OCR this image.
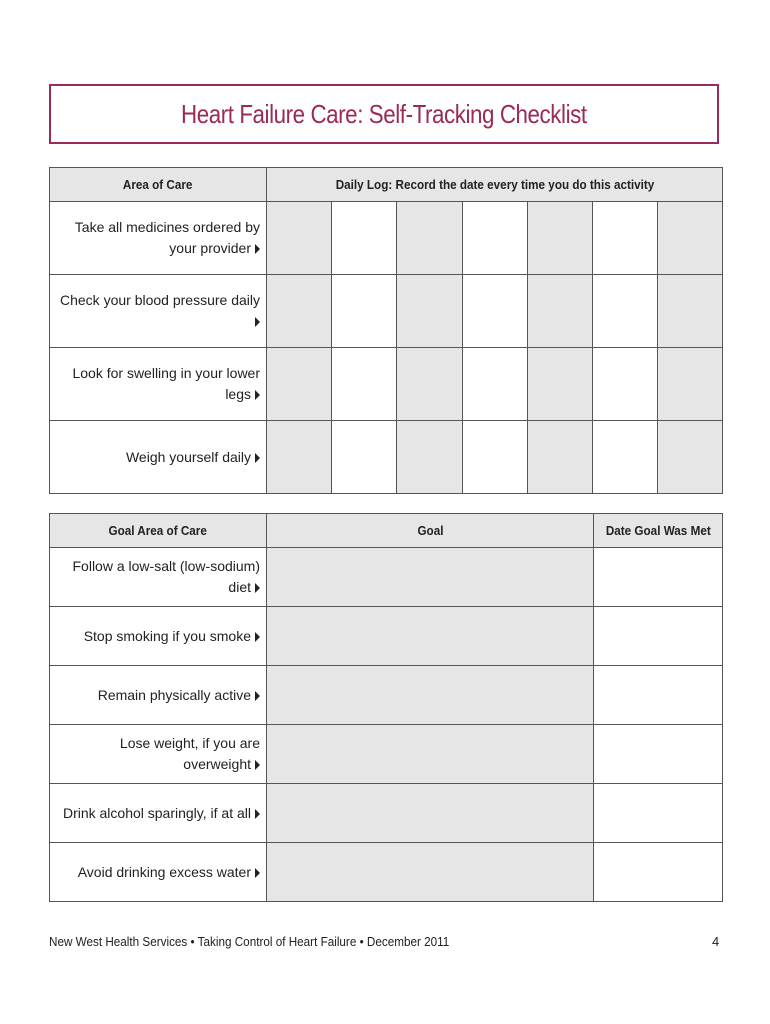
Heart Failure Care: Self-Tracking Checklist
Area of Care	Daily Log: Record the date every time you do this activity						
Take all medicines ordered by your provider							
Check your blood pressure daily							
Look for swelling in your lower legs							
Weigh yourself daily							
Goal Area of Care	Goal	Date Goal Was Met
Follow a low-salt (low-sodium) diet		
Stop smoking if you smoke		
Remain physically active		
Lose weight, if you are overweight		
Drink alcohol sparingly, if at all		
Avoid drinking excess water		
New West Health Services • Taking Control of Heart Failure • December 2011	4
